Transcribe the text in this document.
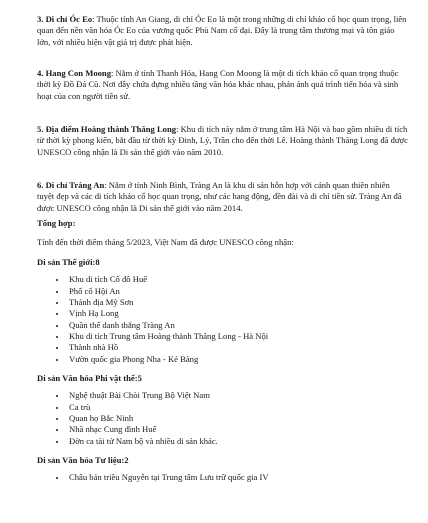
3. Di chỉ Óc Eo: Thuộc tỉnh An Giang, di chỉ Óc Eo là một trong những di chỉ khảo cổ học quan trọng, liên quan đến nền văn hóa Óc Eo của vương quốc Phù Nam cổ đại. Đây là trung tâm thương mại và tôn giáo lớn, với nhiều hiện vật giá trị được phát hiện.

4. Hang Con Moong: Nằm ở tỉnh Thanh Hóa, Hang Con Moong là một di tích khảo cổ quan trọng thuộc thời kỳ Đồ Đá Cũ. Nơi đây chứa đựng nhiều tầng văn hóa khác nhau, phản ánh quá trình tiến hóa và sinh hoạt của con người tiền sử.

5. Địa điểm Hoàng thành Thăng Long: Khu di tích này nằm ở trung tâm Hà Nội và bao gồm nhiều di tích từ thời kỳ phong kiến, bắt đầu từ thời kỳ Đinh, Lý, Trần cho đến thời Lê. Hoàng thành Thăng Long đã được UNESCO công nhận là Di sản thế giới vào năm 2010.

6. Di chỉ Tràng An: Nằm ở tỉnh Ninh Bình, Tràng An là khu di sản hỗn hợp với cảnh quan thiên nhiên tuyệt đẹp và các di tích khảo cổ học quan trọng, như các hang động, đền đài và di chỉ tiền sử. Tràng An đã được UNESCO công nhận là Di sản thế giới vào năm 2014.

Tổng hợp:
Tính đến thời điểm tháng 5/2023, Việt Nam đã được UNESCO công nhận:
Di sản Thế giới:8
• Khu di tích Cố đô Huế
• Phố cổ Hội An
• Thánh địa Mỹ Sơn
• Vịnh Hạ Long
• Quần thể danh thắng Tràng An
• Khu di tích Trung tâm Hoàng thành Thăng Long - Hà Nội
• Thành nhà Hồ
• Vườn quốc gia Phong Nha - Kẻ Bàng
Di sản Văn hóa Phi vật thể:5
• Nghệ thuật Bài Chòi Trung Bộ Việt Nam
• Ca trù
• Quan họ Bắc Ninh
• Nhã nhạc Cung đình Huế
• Đờn ca tài tử Nam bộ và nhiều di sản khác.
Di sản Văn hóa Tư liệu:2
• Châu bản triều Nguyễn tại Trung tâm Lưu trữ quốc gia IV
